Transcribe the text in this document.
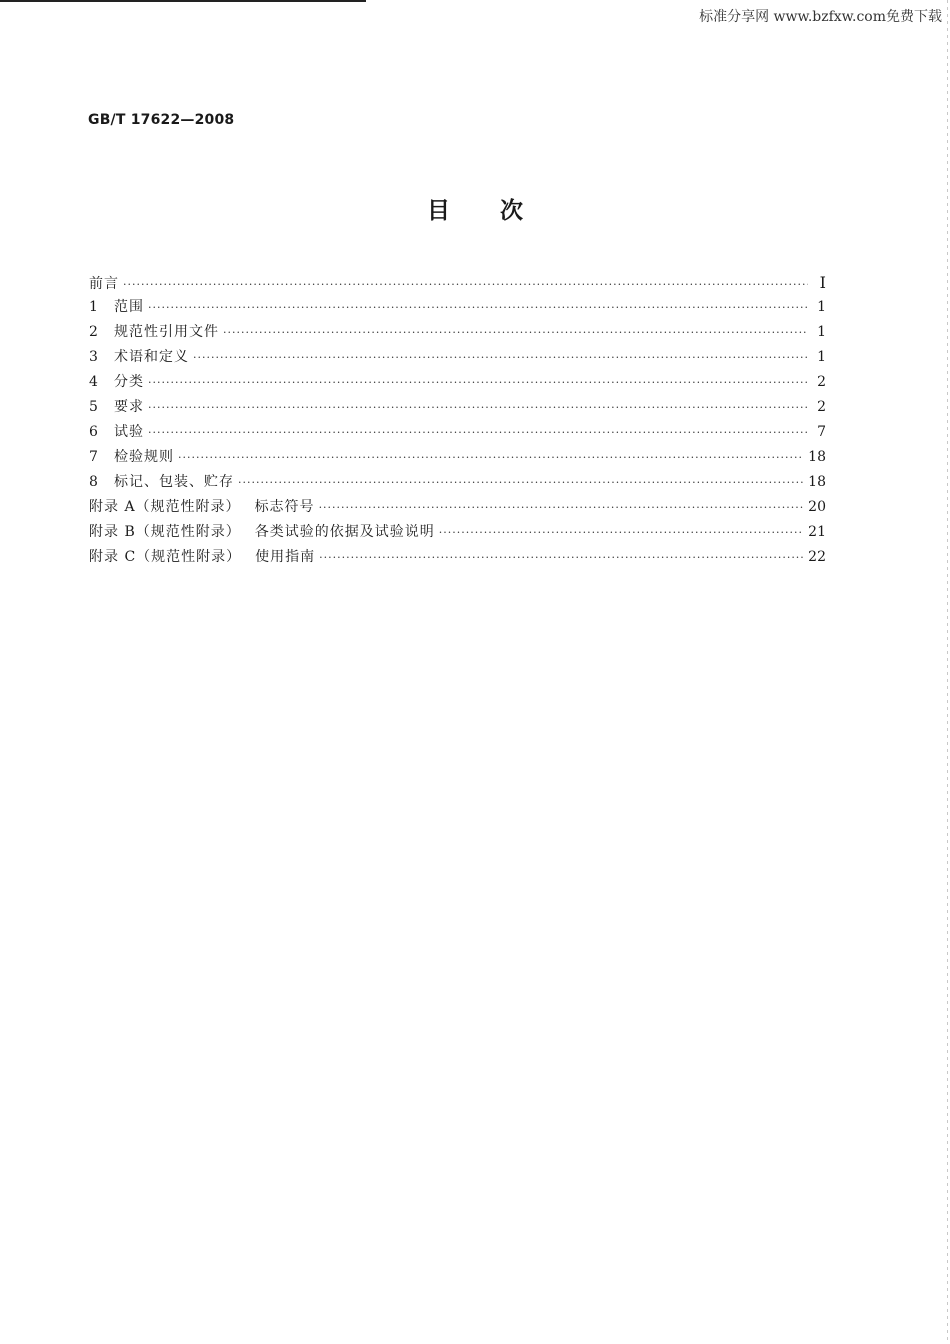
标准分享网 www.bzfxw.com免费下载
GB/T 17622—2008
目次
前言 ·····	Ⅰ
1	范围 ·····	1
2	规范性引用文件 ·····	1
3	术语和定义 ·····	1
4	分类 ·····	2
5	要求 ·····	2
6	试验 ·····	7
7	检验规则 ·····	18
8	标记、包装、贮存 ·····	18
附录 A（规范性附录） 标志符号 ·····	20
附录 B（规范性附录） 各类试验的依据及试验说明 ·····	21
附录 C（规范性附录） 使用指南 ·····	22
